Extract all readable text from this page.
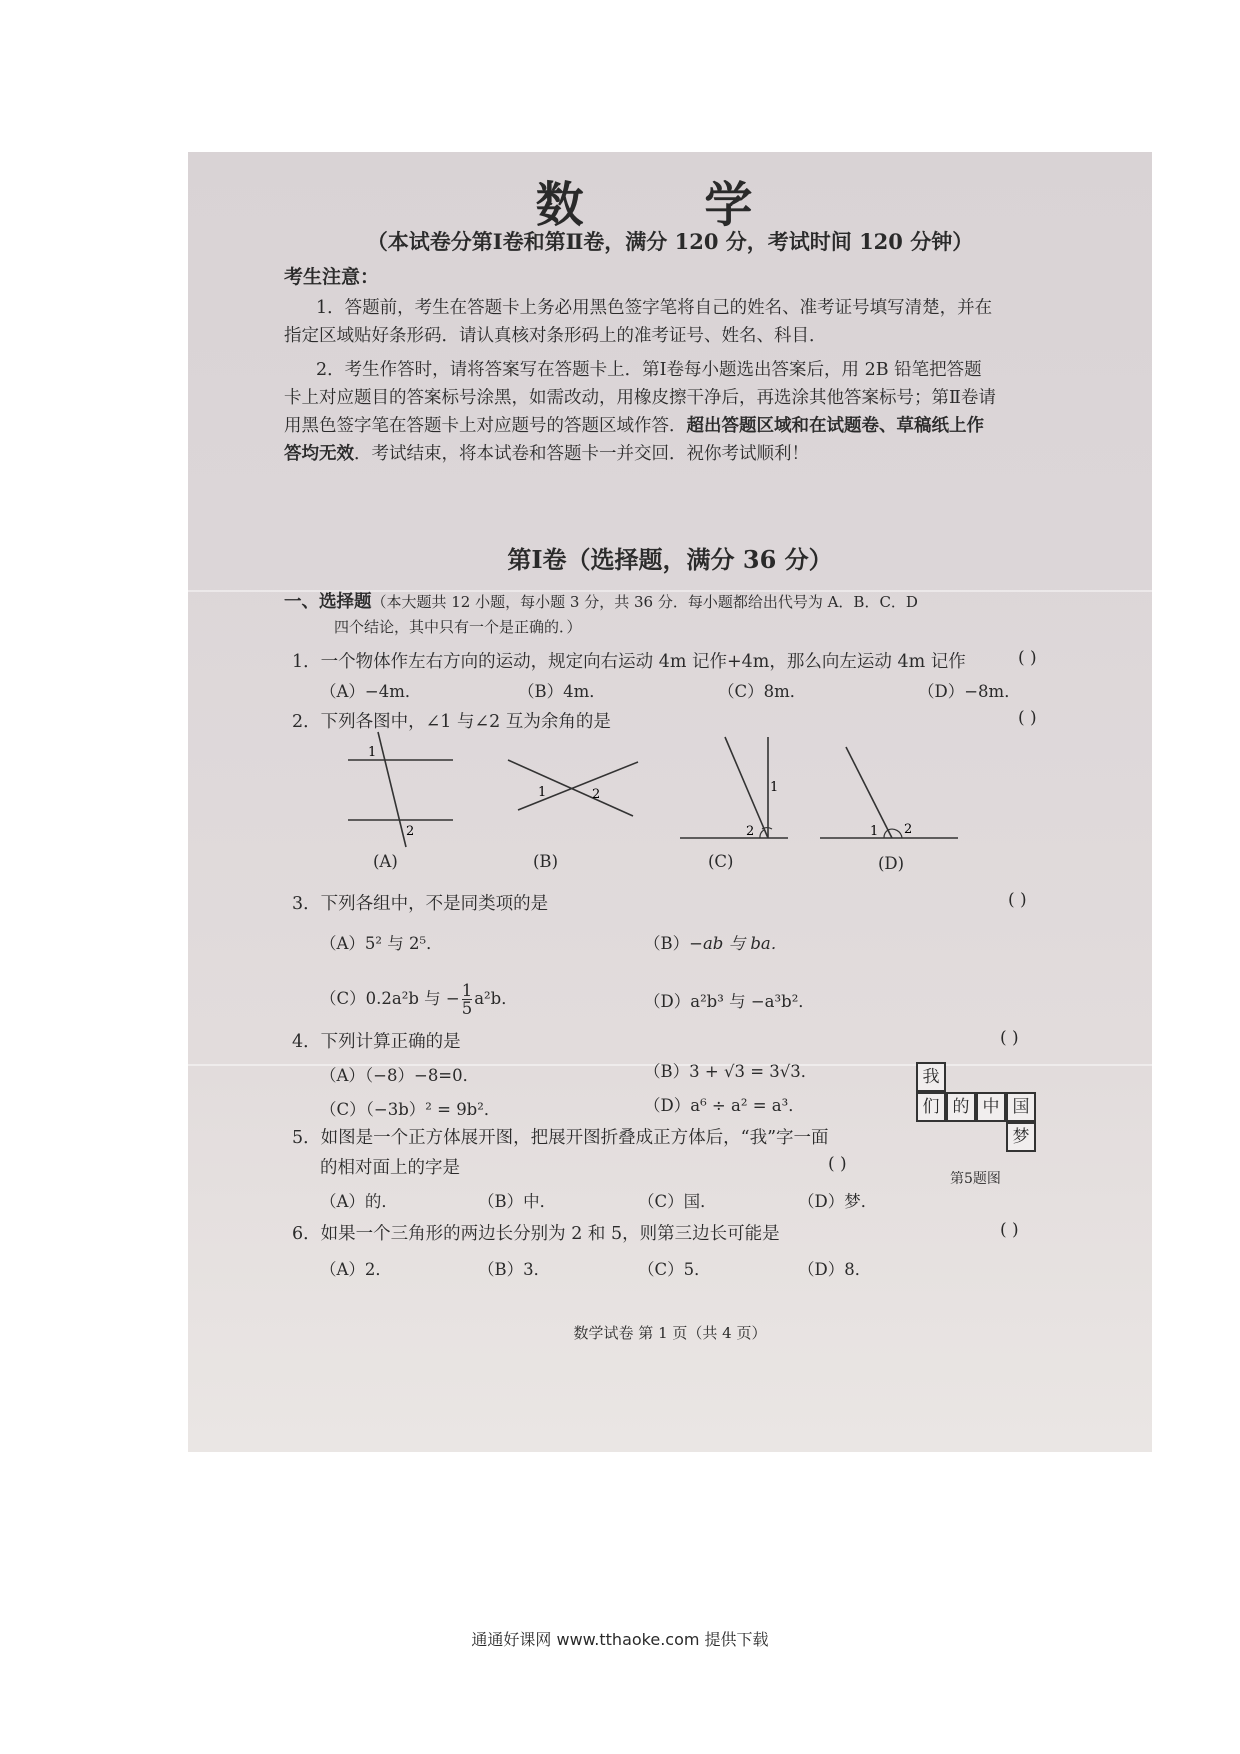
数 学
（本试卷分第Ⅰ卷和第Ⅱ卷，满分 120 分，考试时间 120 分钟）
考生注意：
1．答题前，考生在答题卡上务必用黑色签字笔将自己的姓名、准考证号填写清楚，并在
指定区域贴好条形码．请认真核对条形码上的准考证号、姓名、科目．
2．考生作答时，请将答案写在答题卡上．第Ⅰ卷每小题选出答案后，用 2B 铅笔把答题
卡上对应题目的答案标号涂黑，如需改动，用橡皮擦干净后，再选涂其他答案标号；第Ⅱ卷请
用黑色签字笔在答题卡上对应题号的答题区域作答．超出答题区域和在试题卷、草稿纸上作
答均无效．考试结束，将本试卷和答题卡一并交回．祝你考试顺利！
第Ⅰ卷（选择题，满分 36 分）
一、选择题（本大题共 12 小题，每小题 3 分，共 36 分．每小题都给出代号为 A．B．C．D
四个结论，其中只有一个是正确的．）
1．一个物体作左右方向的运动，规定向右运动 4m 记作+4m，那么向左运动 4m 记作	( )
（A）−4m．	（B）4m．	（C）8m．	（D）−8m．
2．下列各图中，∠1 与∠2 互为余角的是	( )
1
2
(A)
1	2
(B)
1
2
(C)
1 2
(D)
3．下列各组中，不是同类项的是	( )
（A）5² 与 2⁵．	（B）−ab 与 ba．
（C）0.2a²b 与 − $\frac{1}{5} a^2b$．	（D）a²b³ 与 −a³b²．
4．下列计算正确的是	( )
（A）（−8）−8=0．	（B）3 + √3 = 3√3．
（C）（−3b）² = 9b²．	（D）a⁶ ÷ a² = a³．
我
们 的 中 国
梦
第5题图
5．如图是一个正方体展开图，把展开图折叠成正方体后，“我”字一面
的相对面上的字是	( )
（A）的．	（B）中．	（C）国．	（D）梦．
6．如果一个三角形的两边长分别为 2 和 5，则第三边长可能是	( )
（A）2．	（B）3．	（C）5．	（D）8．
数学试卷 第 1 页（共 4 页）
通通好课网 www.tthaoke.com 提供下载
